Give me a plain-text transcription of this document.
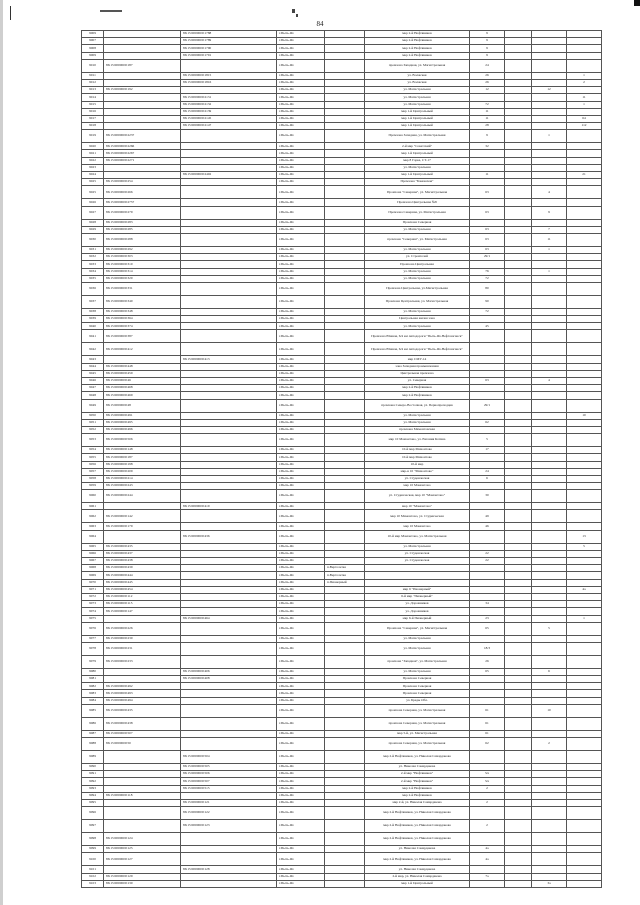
84
9009		86:15:0000000:1788	г.Пыть-Ях		мкр 2-й Нефтяников	9			
9007		86:15:0000000:1789	г.Пыть-Ях		мкр 2-й Нефтяников	9			
9008		86:15:0000000:1790	г.Пыть-Ях		мкр 2-й Нефтяников	9			
9009		86:15:0000000:1791	г.Пыть-Ях		мкр 2-й Нефтяников	9			
9010	86:15:0000000:187		г.Пыть-Ях		промзона Западная, ул. Магистральная	24			
9011		86:15:0000000:1815	г.Пыть-Ях		ул. Волжская	26			1
9012		86:15:0000000:1816	г.Пыть-Ях		ул. Волжская	26			2
9013	86:15:0000000:192		г.Пыть-Ях		ул. Магистральная	12		12	
9014		86:15:0000000:2131	г.Пыть-Ях		ул. Магистральная				11
9015		86:15:0000000:2132	г.Пыть-Ях		ул. Магистральная	72			1
9016		86:15:0000000:2139	г.Пыть-Ях		мкр 1-й Центральный	11			
9017		86:15:0000000:2145	г.Пыть-Ях		мкр 1-й Центральный	11			64
9018		86:15:0000000:2147	г.Пыть-Ях		мкр 1-й Центральный	28			112
9019	86:15:0000000:2237		г.Пыть-Ях		Промзона Западная, ул. Магистральная	9		1	
9020	86:15:0000000:2266		г.Пыть-Ях		2-й мкр "Советский"	32			
9021	86:15:0000000:2267		г.Пыть-Ях		мкр 1-й Центральный				
9022	86:15:0000000:2271		г.Пыть-Ях		мкр 8 Горка, СТ-17				
9023			г.Пыть-Ях		ул. Магистральная				
9024		86:15:0000000:2402	г.Пыть-Ях		мкр 1-й Центральный	11			21
9025	86:15:0000000:254		г.Пыть-Ях		Промзона "Бамовская"				
9025	86:15:0000000:266		г.Пыть-Ях		Промзона "Северная", ул. Магистральная	63		4	
9026	86:15:0000000:2757		г.Пыть-Ях		Промзона Центральная №8				
9027	86:15:0000000:279		г.Пыть-Ях		Промзона Северная, ул. Магистральная	63		9	
9028	86:15:0000000:283		г.Пыть-Ях		Промзона Северная				
9029	86:15:0000000:285		г.Пыть-Ях		ул. Магистральная	63		7	
9030	86:15:0000000:288		г.Пыть-Ях		промзона "Северная", ул. Магистральная	63		11	
9031	86:15:0000000:292		г.Пыть-Ях		ул. Магистральная	63		1	
9032	86:15:0000000:303		г.Пыть-Ях		ул. Строителей	29/1			
9033	86:15:0000000:310		г.Пыть-Ях		Промзона Центральная				
9034	86:15:0000000:314		г.Пыть-Ях		ул. Магистральная	76		1	
9035	86:15:0000000:320		г.Пыть-Ях		ул. Магистральная	72			
9036	86:15:0000000:331		г.Пыть-Ях		Промзона Центральная, ул.Магистральная	80			
9037	86:15:0000000:340		г.Пыть-Ях		Промзона Центральная, ул. Магистральная	90			
9038	86:15:0000000:348		г.Пыть-Ях		ул. Магистральная	72			
9039	86:15:0000000:364		г.Пыть-Ях		Центральная жилая зона				
9040	86:15:0000000:374		г.Пыть-Ях		ул. Магистральная	45			
9041	86:15:0000000:387		г.Пыть-Ях		Промзона Южная, 6/4 км Автодороги "Пыть-Ях-Нефтеюганск"				
9042	86:15:0000000:412		г.Пыть-Ях		Промзона Южная, 6/4 км Автодороги "Пыть-Ях-Нефтеюганск"				
9043		86:15:0000000:413	г.Пыть-Ях		мкр СМУ-14				
9044	86:15:0000000:448		г.Пыть-Ях		зона Западная промышленная				
9045	86:15:0000000:459		г.Пыть-Ях		Центральная промзона				
9046	86:15:0000000:46		г.Пыть-Ях		ул. Северная	63		4	
9047	86:15:0000000:468		г.Пыть-Ях		мкр 2-й Нефтяников				
9048	86:15:0000000:469		г.Пыть-Ях		мкр 2-й Нефтяников				
9049	86:15:0000000:48		г.Пыть-Ях		промзона Северо-Восточная, ул. Первопроходцев	29/1			
9050	86:15:0000000:491		г.Пыть-Ях		ул. Магистральная				10
9051	86:15:0000000:495		г.Пыть-Ях		ул. Магистральная	62			
9052	86:15:0000000:496		г.Пыть-Ях		промзона Мамонтовская				
9053	86:15:0000000:506		г.Пыть-Ях		мкр 10 Мамонтово, ул. Евгения Котина	5			
9054	86:15:0000000:148		г.Пыть-Ях		10-й мкр Мамонтово	17			
9055	86:15:0000000:187		г.Пыть-Ях		10-й мкр Мамонтово				
9056	86:15:0000000:198		г.Пыть-Ях		10-й мкр				
9057	86:15:0000000:209		г.Пыть-Ях		мкр-н 10 "Мамонтово"	24			
9058	86:15:0000000:214		г.Пыть-Ях		ул. Студенческая	6			
9059	86:15:0000000:243		г.Пыть-Ях		мкр 10 Мамонтово				
9060	86:15:0000000:244		г.Пыть-Ях		ул. Студенческая, мкр 10 "Мамонтово"	30			
9061		86:15:0000000:419	г.Пыть-Ях		мкр 10 "Мамонтово"				
9062	86:15:0000000:142		г.Пыть-Ях		мкр 10 Мамонтово, ул. Студенческая	49			
9063	86:15:0000000:179		г.Пыть-Ях		мкр 10 Мамонтово	46			
9064		86:15:0000000:436	г.Пыть-Ях		10-й мкр Мамонтово, ул. Магистральная				13
9065	86:15:0000000:435		г.Пыть-Ях		ул. Магистральная				5
9066	86:15:0000000:437		г.Пыть-Ях		ул. Студенческая	22			
9067	86:15:0000000:438		г.Пыть-Ях		ул. Студенческая	22			
9068	86:15:0000000:439		г.Пыть-Ях	п.Вертолетка					
9069	86:15:0000000:444		г.Пыть-Ях	п.Вертолетка					
9070	86:15:0000000:445		г.Пыть-Ях	п.Пионерный					
9071	86:15:0000000:454		г.Пыть-Ях		мкр 6 "Пионерный"				4а
9072	86:15:0000000:112		г.Пыть-Ях		6-й мкр "Пионерный"				
9073	86:15:0000000:115		г.Пыть-Ях		ул. Дорожников	34			
9074	86:15:0000000:147		г.Пыть-Ях		ул. Дорожников				
9075		86:15:0000000:464	г.Пыть-Ях		мкр 6-й Пионерный	23			1
9076	86:15:0000000:226		г.Пыть-Ях		Промзона "Северная", ул. Магистральная	65		5	
9077	86:15:0000000:230		г.Пыть-Ях		ул. Магистральная				
9078	86:15:0000000:231		г.Пыть-Ях		ул. Магистральная	18/3			
9079	86:15:0000000:233		г.Пыть-Ях		промзона "Западная", ул. Магистральная	26			
9080		86:15:0000000:406	г.Пыть-Ях		ул. Магистральная	65		6	
9081		86:15:0000000:408	г.Пыть-Ях		Промзона Северная				
9082	86:15:0000000:492		г.Пыть-Ях		Промзона Северная				
9083	86:15:0000000:493		г.Пыть-Ях		Промзона Северная				
9084	86:15:0000000:494		г.Пыть-Ях		ул. Бреды Обл.				
9085	86:15:0000000:435		г.Пыть-Ях		промзона Северная, ул. Магистральная	61		10	
9086	86:15:0000000:438		г.Пыть-Ях		промзона Северная, ул. Магистральная	61			
9087	86:15:0000000:507		г.Пыть-Ях		мкр 5-й, ул. Магистральная	61			
9088	86:15:0000000:50		г.Пыть-Ях		промзона Северная, ул. Магистральная	62		2	
9089		86:15:0000000:504	г.Пыть-Ях		мкр 2-й Нефтяников, ул. Николая Самардакова				
9090		86:15:0000000:505	г.Пыть-Ях		ул. Николая Самардакова				
9091		86:15:0000000:506	г.Пыть-Ях		2-й мкр "Нефтяников"	3/а			
9092		86:15:0000000:507	г.Пыть-Ях		2-й мкр "Нефтяников"	3/а			
9093		86:15:0000000:515	г.Пыть-Ях		мкр 2-й Нефтяников	2			
9094	86:15:0000000:118		г.Пыть-Ях		мкр 2-й Нефтяников				
9095		86:15:0000000:121	г.Пыть-Ях		мкр 2-й, ул. Николая Самардакова	2			
9096		86:15:0000000:122	г.Пыть-Ях		мкр 2-й Нефтяников, ул. Николая Самардакова				
9097		86:15:0000000:123	г.Пыть-Ях		мкр 2-й Нефтяников, ул. Николая Самардакова	2			
9098	86:15:0000000:124		г.Пыть-Ях		мкр 2-й Нефтяников, ул. Николая Самардакова				
9099	86:15:0000000:125		г.Пыть-Ях		ул. Николая Самардакова	4а			
9100	86:15:0000000:127		г.Пыть-Ях		мкр 2-й Нефтяников, ул. Николая Самардакова	4а			
9101		86:15:0000000:128	г.Пыть-Ях		ул. Николая Самардакова				
9102	86:15:0000000:129		г.Пыть-Ях		2-й мкр, ул. Николая Самардакова	7а			
9103	86:15:0000000:130		г.Пыть-Ях		мкр 1-й Центральный			3а	
